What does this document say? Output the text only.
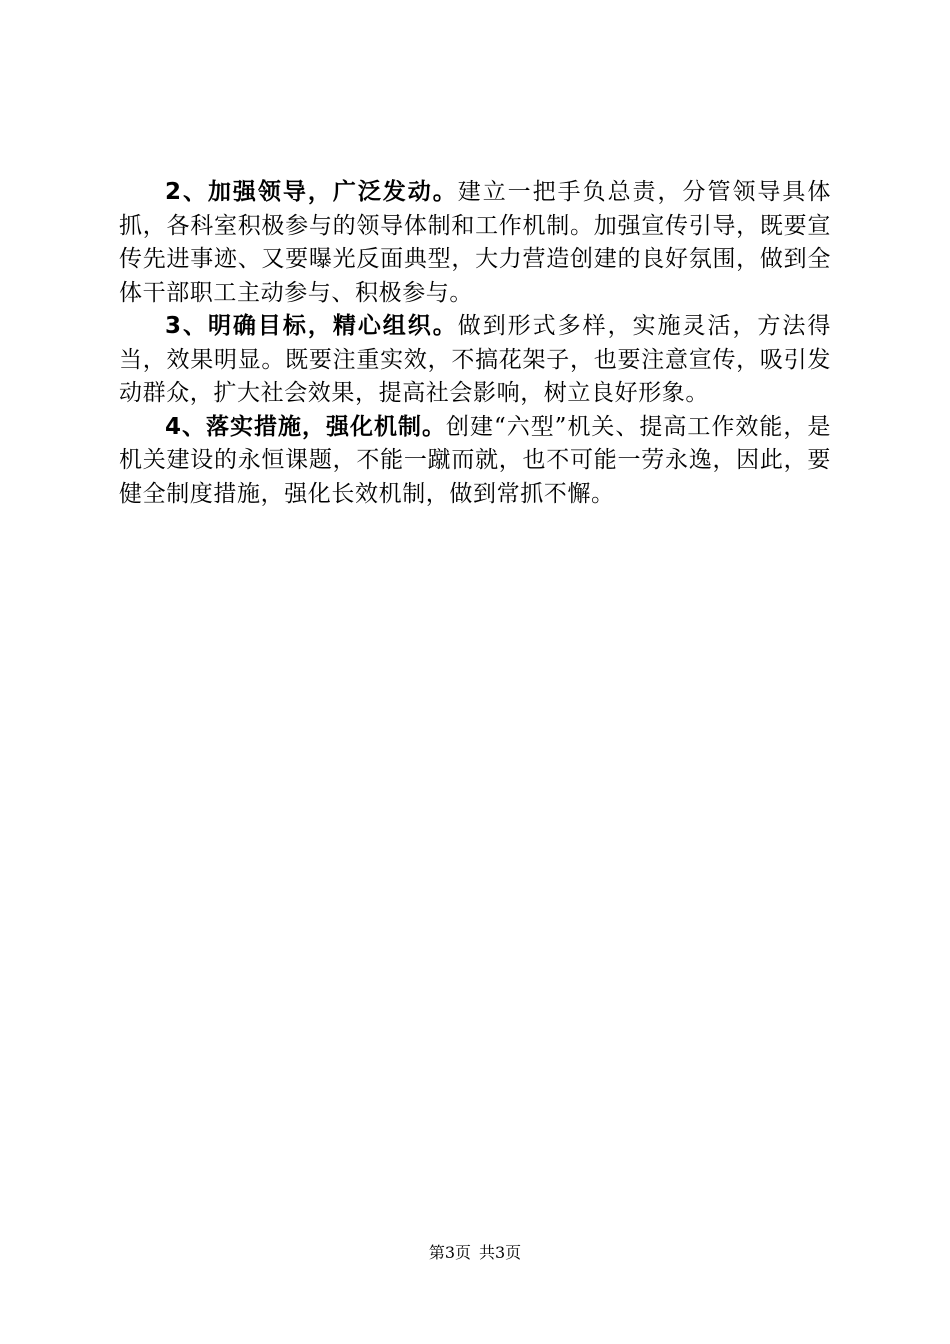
2、加强领导，广泛发动。建立一把手负总责，分管领导具体抓，各科室积极参与的领导体制和工作机制。加强宣传引导，既要宣传先进事迹、又要曝光反面典型，大力营造创建的良好氛围，做到全体干部职工主动参与、积极参与。

3、明确目标，精心组织。做到形式多样，实施灵活，方法得当，效果明显。既要注重实效，不搞花架子，也要注意宣传，吸引发动群众，扩大社会效果，提高社会影响，树立良好形象。

4、落实措施，强化机制。创建“六型”机关、提高工作效能，是机关建设的永恒课题，不能一蹴而就，也不可能一劳永逸，因此，要健全制度措施，强化长效机制，做到常抓不懈。

第3页 共3页
